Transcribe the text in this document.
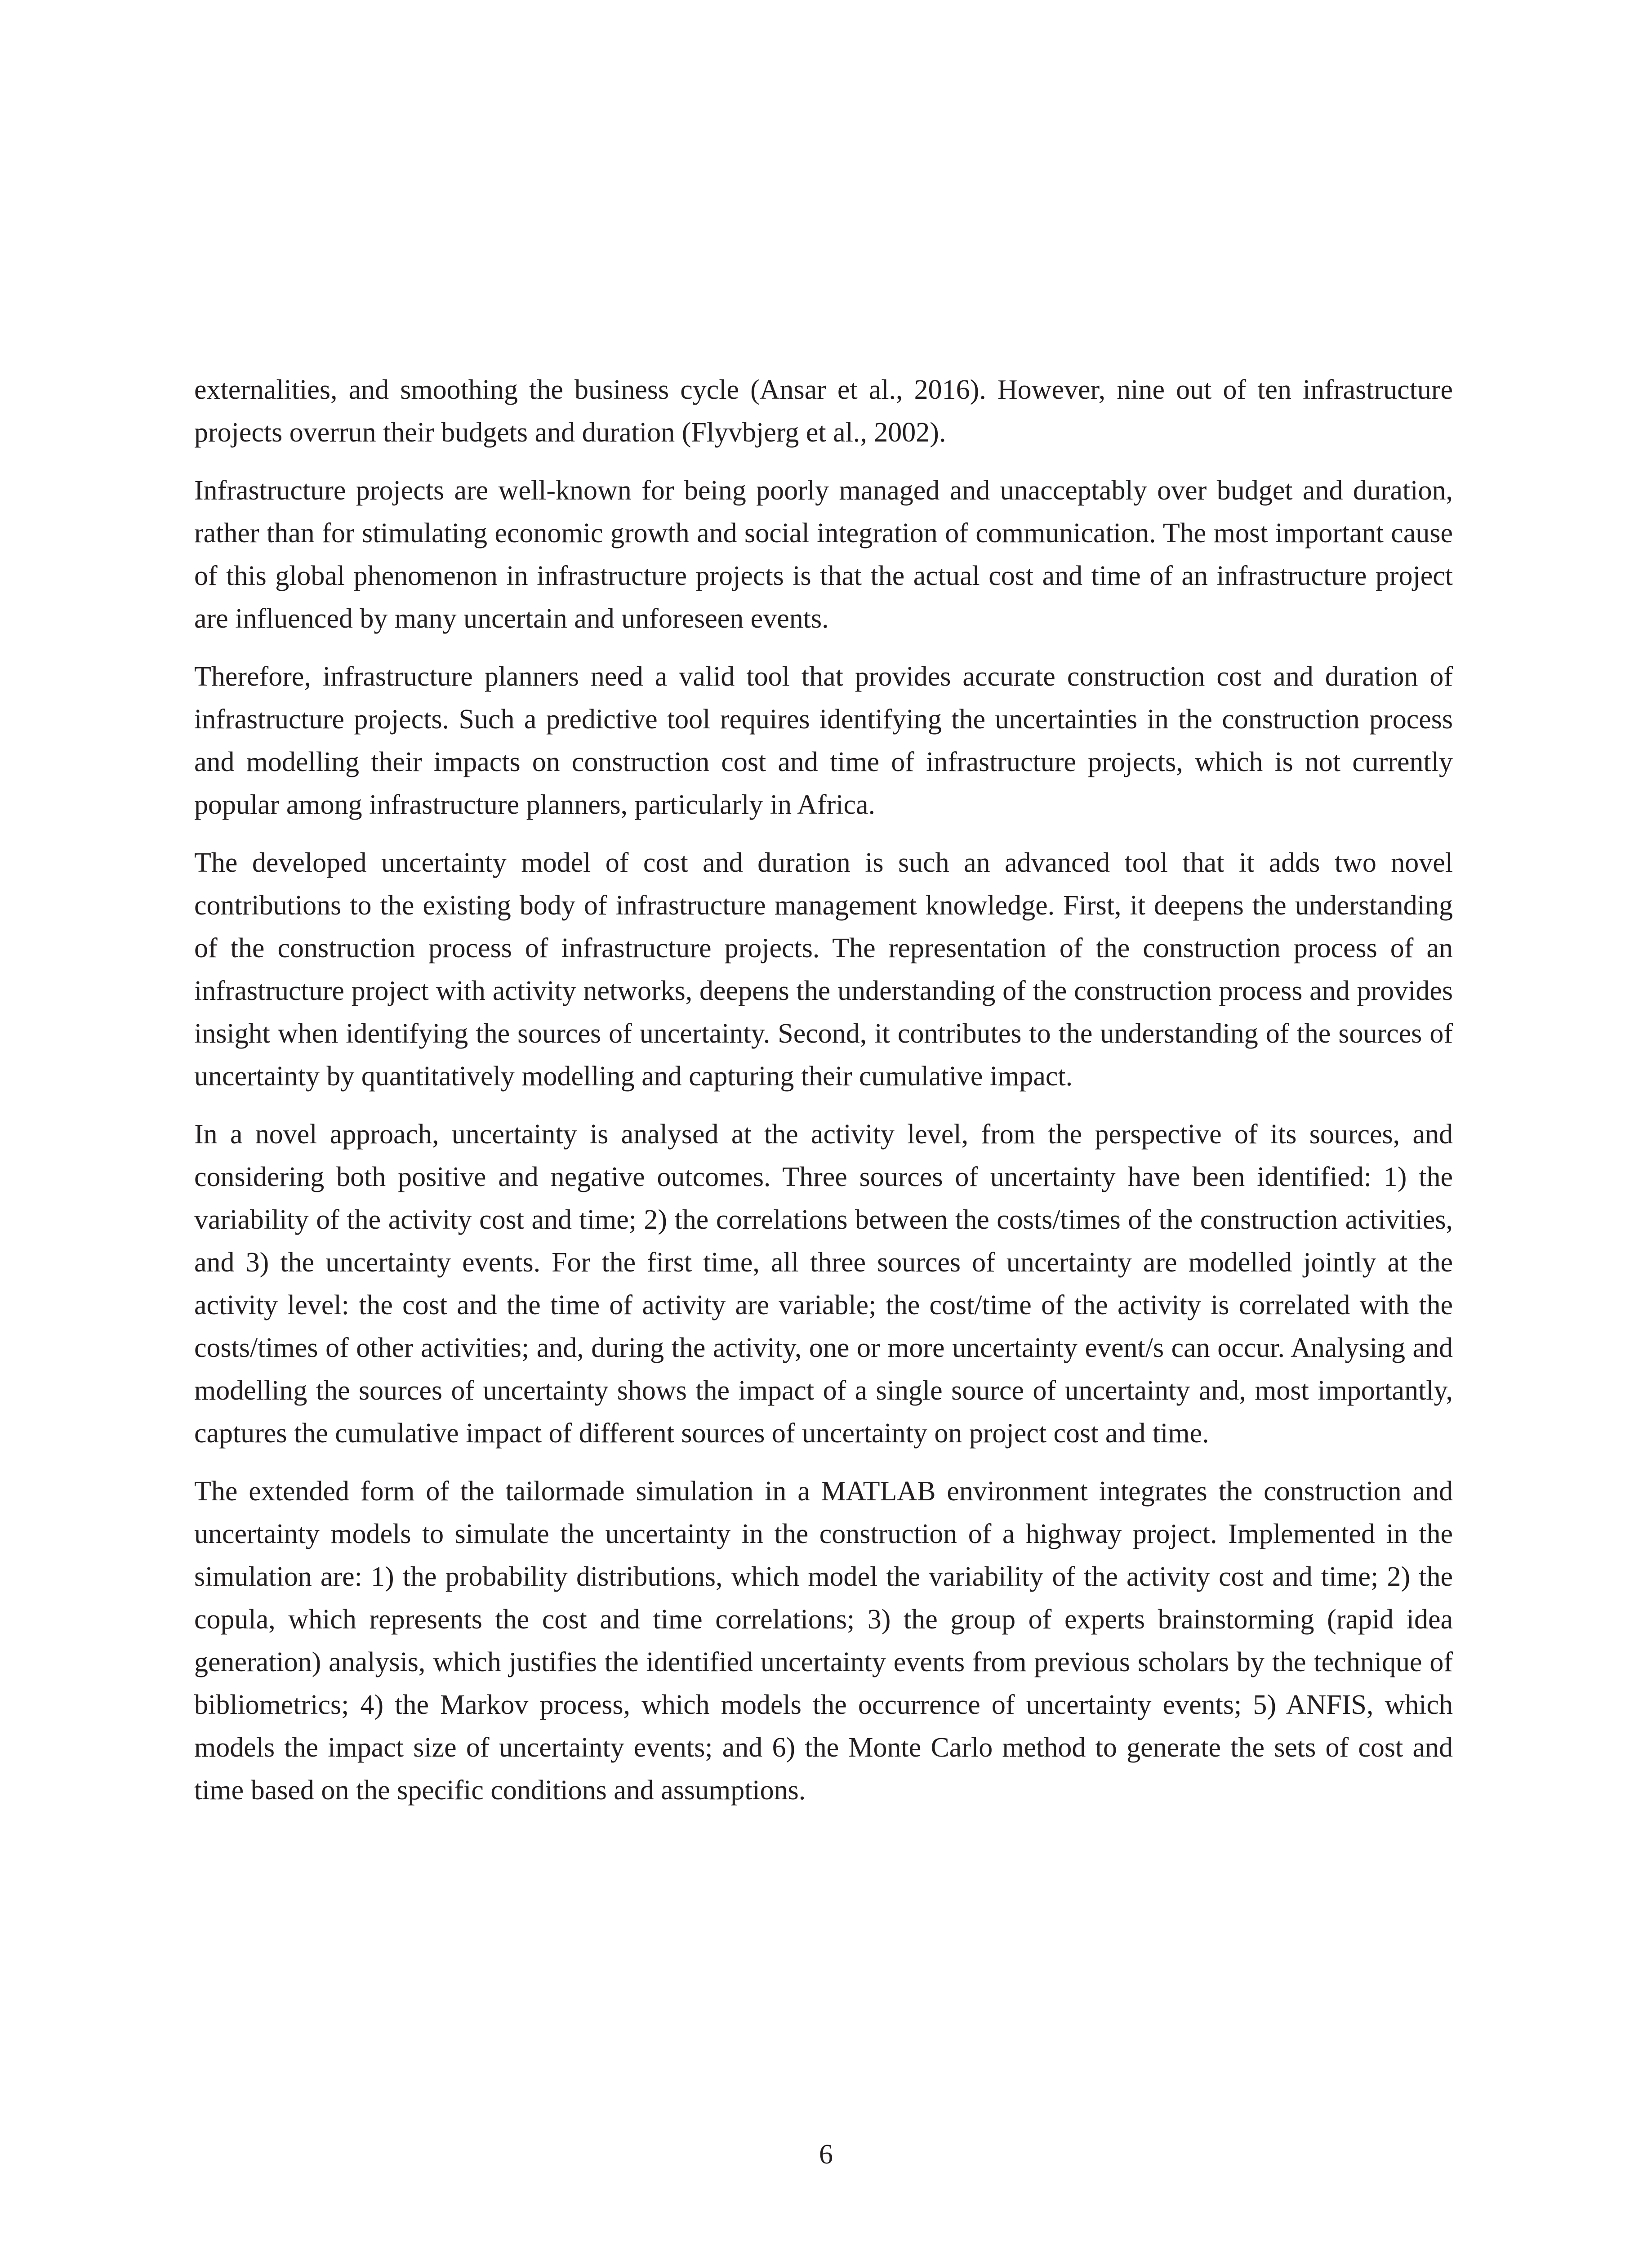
externalities, and smoothing the business cycle (Ansar et al., 2016). However, nine out of ten infrastructure projects overrun their budgets and duration (Flyvbjerg et al., 2002).

Infrastructure projects are well-known for being poorly managed and unacceptably over budget and duration, rather than for stimulating economic growth and social integration of communication. The most important cause of this global phenomenon in infrastructure projects is that the actual cost and time of an infrastructure project are influenced by many uncertain and unforeseen events.

Therefore, infrastructure planners need a valid tool that provides accurate construction cost and duration of infrastructure projects. Such a predictive tool requires identifying the uncertainties in the construction process and modelling their impacts on construction cost and time of infrastructure projects, which is not currently popular among infrastructure planners, particularly in Africa.

The developed uncertainty model of cost and duration is such an advanced tool that it adds two novel contributions to the existing body of infrastructure management knowledge. First, it deepens the understanding of the construction process of infrastructure projects. The representation of the construction process of an infrastructure project with activity networks, deepens the understanding of the construction process and provides insight when identifying the sources of uncertainty. Second, it contributes to the understanding of the sources of uncertainty by quantitatively modelling and capturing their cumulative impact.

In a novel approach, uncertainty is analysed at the activity level, from the perspective of its sources, and considering both positive and negative outcomes. Three sources of uncertainty have been identified: 1) the variability of the activity cost and time; 2) the correlations between the costs/times of the construction activities, and 3) the uncertainty events. For the first time, all three sources of uncertainty are modelled jointly at the activity level: the cost and the time of activity are variable; the cost/time of the activity is correlated with the costs/times of other activities; and, during the activity, one or more uncertainty event/s can occur. Analysing and modelling the sources of uncertainty shows the impact of a single source of uncertainty and, most importantly, captures the cumulative impact of different sources of uncertainty on project cost and time.

The extended form of the tailormade simulation in a MATLAB environment integrates the construction and uncertainty models to simulate the uncertainty in the construction of a highway project. Implemented in the simulation are: 1) the probability distributions, which model the variability of the activity cost and time; 2) the copula, which represents the cost and time correlations; 3) the group of experts brainstorming (rapid idea generation) analysis, which justifies the identified uncertainty events from previous scholars by the technique of bibliometrics; 4) the Markov process, which models the occurrence of uncertainty events; 5) ANFIS, which models the impact size of uncertainty events; and 6) the Monte Carlo method to generate the sets of cost and time based on the specific conditions and assumptions.

6
